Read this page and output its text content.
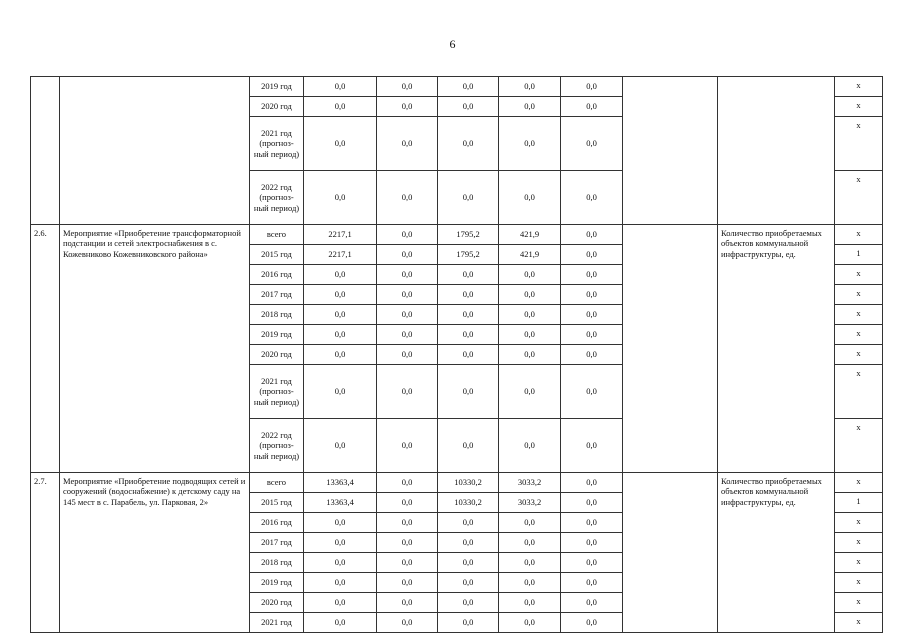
6
		2019 год	0,0	0,0	0,0	0,0	0,0			х
		2020 год	0,0	0,0	0,0	0,0	0,0			х
		2021 год (прогноз-ный период)	0,0	0,0	0,0	0,0	0,0			х
		2022 год (прогноз-ный период)	0,0	0,0	0,0	0,0	0,0			х
2.6.	Мероприятие «Приобретение трансформаторной подстанции и сетей электроснабжения в с. Кожевниково Кожевниковского района»	всего	2217,1	0,0	1795,2	421,9	0,0		Количество приобретаемых объектов коммунальной инфраструктуры, ед.	х
		2015 год	2217,1	0,0	1795,2	421,9	0,0			1
		2016 год	0,0	0,0	0,0	0,0	0,0			х
		2017 год	0,0	0,0	0,0	0,0	0,0			х
		2018 год	0,0	0,0	0,0	0,0	0,0			х
		2019 год	0,0	0,0	0,0	0,0	0,0			х
		2020 год	0,0	0,0	0,0	0,0	0,0			х
		2021 год (прогноз-ный период)	0,0	0,0	0,0	0,0	0,0			х
		2022 год (прогноз-ный период)	0,0	0,0	0,0	0,0	0,0			х
2.7.	Мероприятие «Приобретение подводящих сетей и сооружений (водоснабжение) к детскому саду на 145 мест в с. Парабель, ул. Парковая, 2»	всего	13363,4	0,0	10330,2	3033,2	0,0		Количество приобретаемых объектов коммунальной инфраструктуры, ед.	х
		2015 год	13363,4	0,0	10330,2	3033,2	0,0			1
		2016 год	0,0	0,0	0,0	0,0	0,0			х
		2017 год	0,0	0,0	0,0	0,0	0,0			х
		2018 год	0,0	0,0	0,0	0,0	0,0			х
		2019 год	0,0	0,0	0,0	0,0	0,0			х
		2020 год	0,0	0,0	0,0	0,0	0,0			х
		2021 год	0,0	0,0	0,0	0,0	0,0			х
